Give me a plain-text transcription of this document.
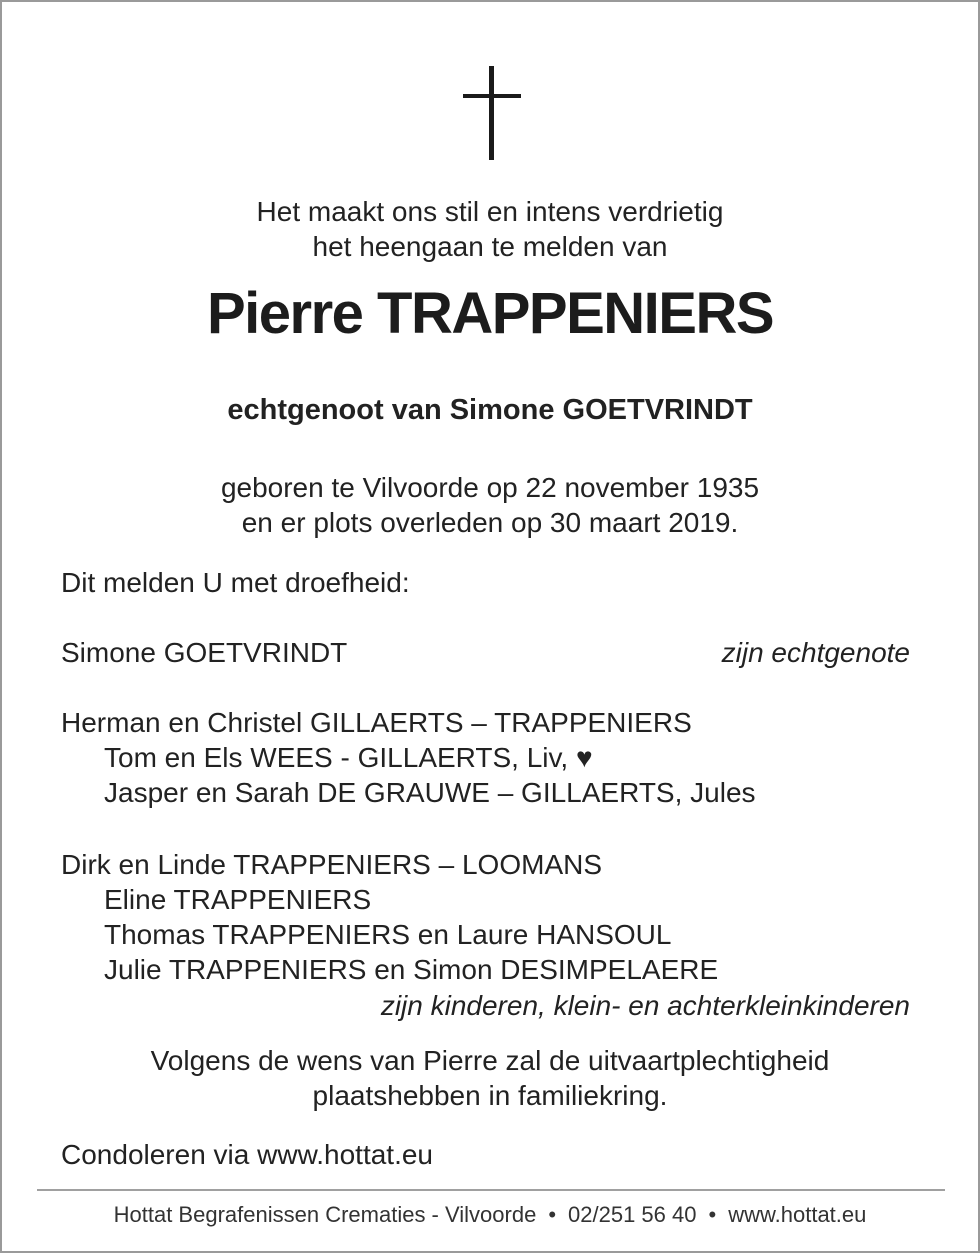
Het maakt ons stil en intens verdrietig
het heengaan te melden van
Pierre TRAPPENIERS
echtgenoot van Simone GOETVRINDT
geboren te Vilvoorde op 22 november 1935
en er plots overleden op 30 maart 2019.
Dit melden U met droefheid:
Simone GOETVRINDT	zijn echtgenote
Herman en Christel GILLAERTS – TRAPPENIERS
Tom en Els WEES - GILLAERTS, Liv, ♥
Jasper en Sarah DE GRAUWE – GILLAERTS, Jules
Dirk en Linde TRAPPENIERS – LOOMANS
Eline TRAPPENIERS
Thomas TRAPPENIERS en Laure HANSOUL
Julie TRAPPENIERS en Simon DESIMPELAERE
zijn kinderen, klein- en achterkleinkinderen
Volgens de wens van Pierre zal de uitvaartplechtigheid
plaatshebben in familiekring.
Condoleren via www.hottat.eu
Hottat Begrafenissen Crematies - Vilvoorde • 02/251 56 40 • www.hottat.eu
